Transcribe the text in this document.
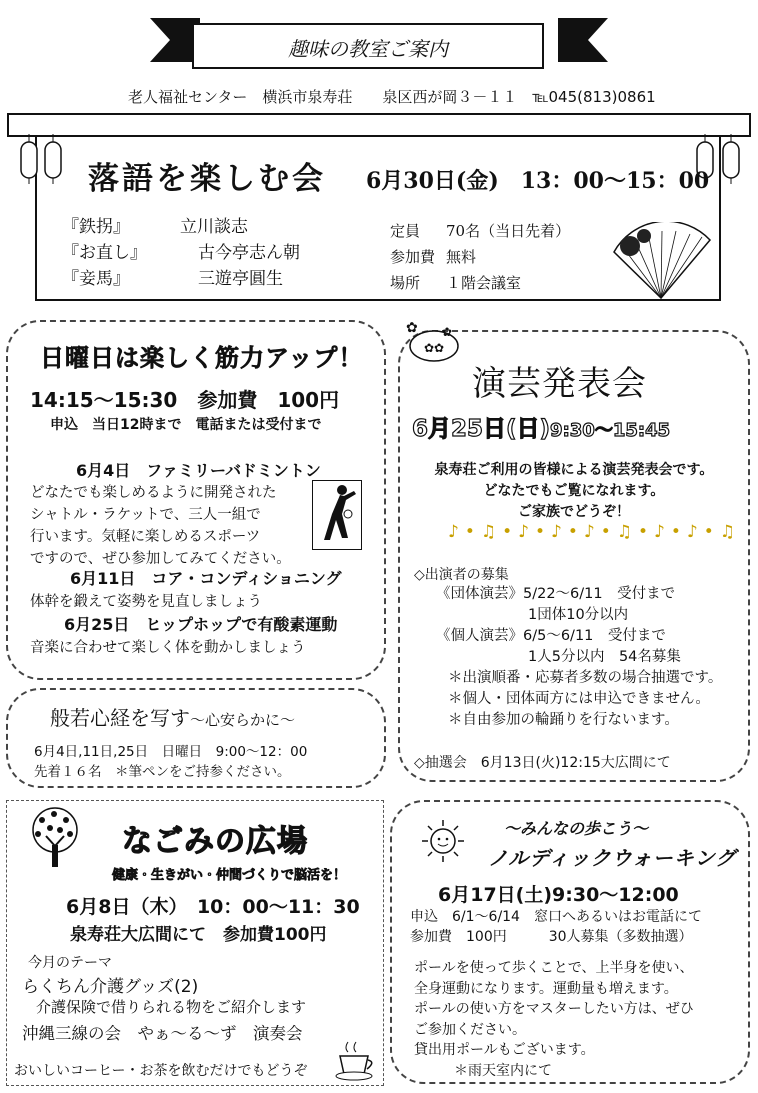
趣味の教室ご案内
老人福祉センター　横浜市泉寿荘　　泉区西が岡３－１１　℡045(813)0861
落語を楽しむ会 6月30日(金)　13：00～15：00
『鉄拐』	立川談志
『お直し』	古今亭志ん朝
『妾馬』	三遊亭圓生
定員 70名（当日先着）
参加費 無料
場所 １階会議室
日曜日は楽しく筋力アップ！
14:15～15:30　参加費　100円
申込　当日12時まで　電話または受付まで
6月4日　 ファミリーバドミントン
どなたでも楽しめるように開発された
シャトル・ラケットで、三人一組で
行います。気軽に楽しめるスポーツ
ですので、ぜひ参加してみてください。
6月11日　 コア・コンディショニング
体幹を鍛えて姿勢を見直しましょう
6月25日　 ヒップホップで有酸素運動
音楽に合わせて楽しく体を動かしましょう
般若心経を写す～心安らかに～
6月4日,11日,25日　日曜日　9:00～12：00
先着１６名　＊筆ペンをご持参ください。
✿
✿✿
✿
演芸発表会
6月25日(日)9:30～15:45
泉寿荘ご利用の皆様による演芸発表会です。
どなたでもご覧になれます。
ご家族でどうぞ！
♪•♫•♪•♪•♪•♫•♪•♪•♫
◇出演者の募集
《団体演芸》5/22～6/11　受付まで
1団体10分以内
《個人演芸》6/5～6/11　受付まで
1人5分以内　54名募集
＊出演順番・応募者多数の場合抽選です。
＊個人・団体両方には申込できません。
＊自由参加の輪踊りを行ないます。
◇抽選会　6月13日(火)12:15大広間にて
なごみの広場
健康・生きがい・仲間づくりで脳活を！
6月8日（木）　10：00～11：30
泉寿荘大広間にて　参加費100円
今月のテーマ
らくちん介護グッズ(2)
介護保険で借りられる物をご紹介します
沖縄三線の会　やぁ～る～ず　演奏会
おいしいコーヒー・お茶を飲むだけでもどうぞ
～みんなの歩こう～
ノルディックウォーキング
6月17日(土)9:30～12:00
申込　6/1～6/14　窓口へあるいはお電話にて
参加費　100円　　　30人募集（多数抽選）
ポールを使って歩くことで、上半身を使い、
全身運動になります。運動量も増えます。
ポールの使い方をマスターしたい方は、ぜひ
ご参加ください。
貸出用ポールもございます。
＊雨天室内にて
